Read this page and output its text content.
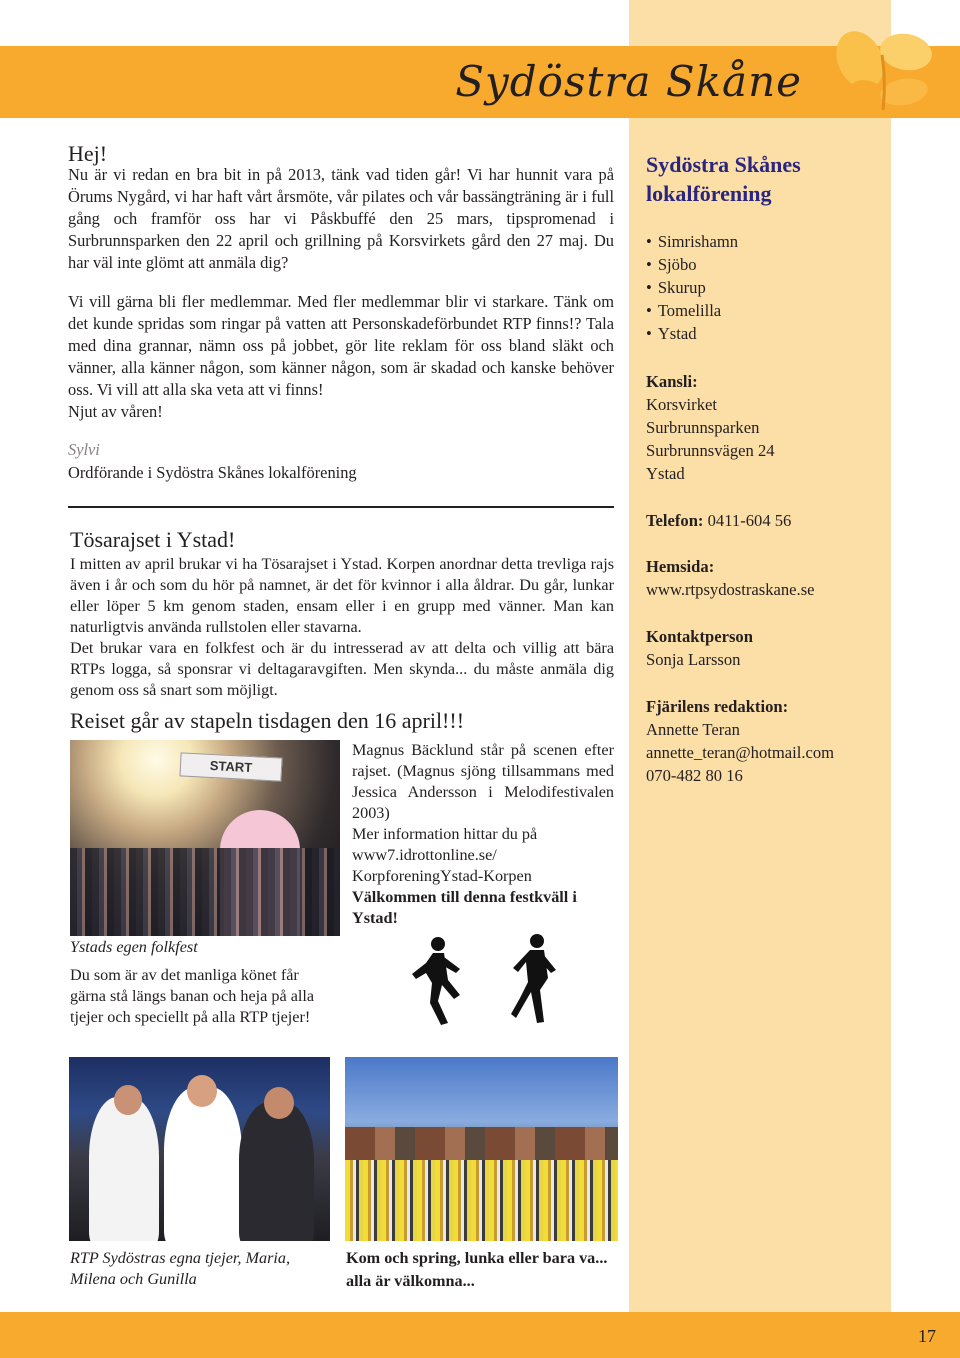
Sydöstra Skåne
Hej!
Nu är vi redan en bra bit in på 2013, tänk vad tiden går! Vi har hunnit vara på Örums Nygård, vi har haft vårt årsmöte, vår pilates och vår bassängträning är i full gång och framför oss har vi Påskbuffé den 25 mars, tipspromenad i Surbrunnsparken den 22 april och grillning på Korsvirkets gård den 27 maj. Du har väl inte glömt att anmäla dig?

Vi vill gärna bli fler medlemmar. Med fler medlemmar blir vi starkare. Tänk om det kunde spridas som ringar på vatten att Personskadeförbundet RTP finns!? Tala med dina grannar, nämn oss på jobbet, gör lite reklam för oss bland släkt och vänner, alla känner någon, som känner någon, som är skadad och kanske behöver oss. Vi vill att alla ska veta att vi finns!

Njut av våren!

Sylvi
Ordförande i Sydöstra Skånes lokalförening
Tösarajset i Ystad!

I mitten av april brukar vi ha Tösarajset i Ystad. Korpen anordnar detta trevliga rajs även i år och som du hör på namnet, är det för kvinnor i alla åldrar. Du går, lunkar eller löper 5 km genom staden, ensam eller i en grupp med vänner. Man kan naturligtvis använda rullstolen eller stavarna.

Det brukar vara en folkfest och är du intresserad av att delta och villig att bära RTPs logga, så sponsrar vi deltagaravgiften. Men skynda... du måste anmäla dig genom oss så snart som möjligt.

Reiset går av stapeln tisdagen den 16 april!!!
START
Ystads egen folkfest
Magnus Bäcklund står på scenen efter rajset. (Magnus sjöng tillsammans med Jessica Andersson i Melodifestivalen 2003)
Mer information hittar du på www7.idrottonline.se/ KorpforeningYstad-Korpen
Välkommen till denna festkväll i Ystad!
Du som är av det manliga könet får gärna stå längs banan och heja på alla tjejer och speciellt på alla RTP tjejer!
RTP Sydöstras egna tjejer, Maria, Milena och Gunilla
Kom och spring, lunka eller bara va... alla är välkomna...
Sydöstra Skånes lokalförening
• Simrishamn
• Sjöbo
• Skurup
• Tomelilla
• Ystad
Kansli:
Korsvirket
Surbrunnsparken
Surbrunnsvägen 24
Ystad
Telefon: 0411-604 56
Hemsida:
www.rtpsydostraskane.se
Kontaktperson
Sonja Larsson
Fjärilens redaktion:
Annette Teran
annette_teran@hotmail.com
070-482 80 16
17
